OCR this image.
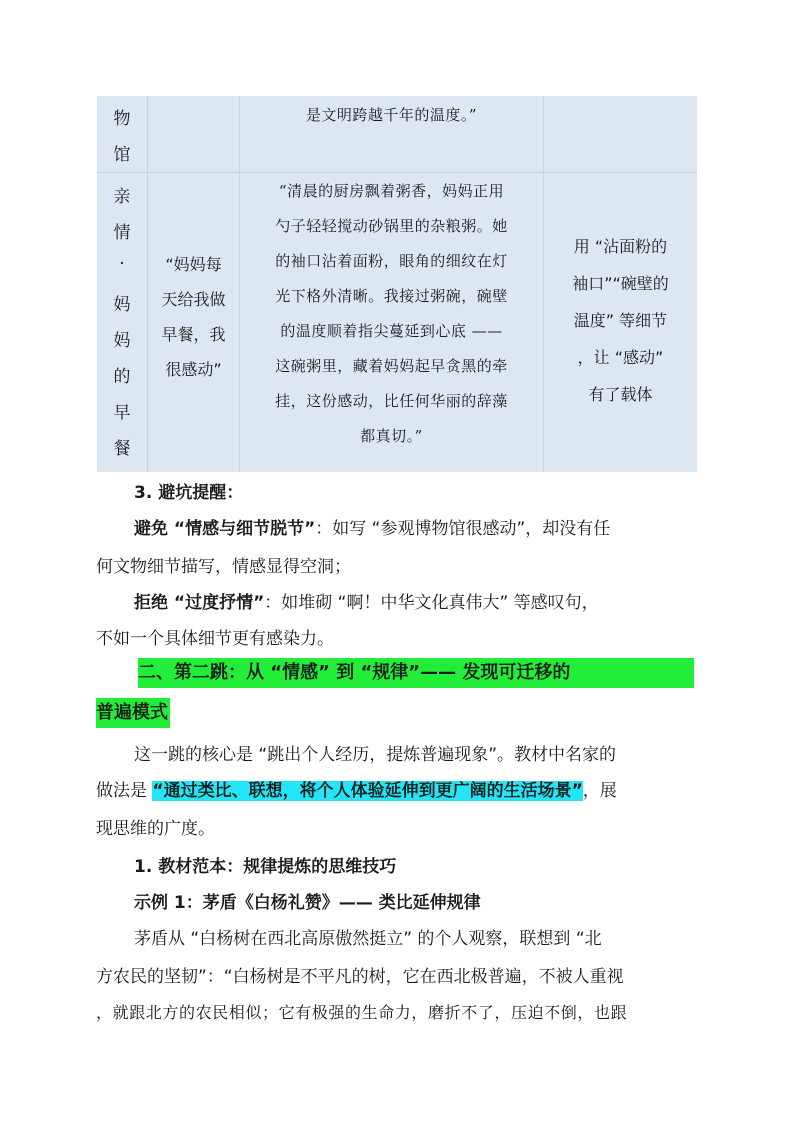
物
馆
是文明跨越千年的温度。”
亲
情
·
妈
妈
的
早
餐
“妈妈每
天给我做
早餐，我
很感动”
“清晨的厨房飘着粥香，妈妈正用
勺子轻轻搅动砂锅里的杂粮粥。她
的袖口沾着面粉，眼角的细纹在灯
光下格外清晰。我接过粥碗，碗壁
的温度顺着指尖蔓延到心底 ——
这碗粥里，藏着妈妈起早贪黑的牵
挂，这份感动，比任何华丽的辞藻
都真切。”
用 “沾面粉的
袖口”“碗壁的
温度” 等细节
，让 “感动”
有了载体
3. 避坑提醒：
避免 “情感与细节脱节”：如写 “参观博物馆很感动”，却没有任
何文物细节描写，情感显得空洞；
拒绝 “过度抒情”：如堆砌 “啊！中华文化真伟大” 等感叹句，
不如一个具体细节更有感染力。
二、第二跳：从 “情感” 到 “规律”—— 发现可迁移的
普遍模式
这一跳的核心是 “跳出个人经历，提炼普遍现象”。教材中名家的
做法是 “通过类比、联想，将个人体验延伸到更广阔的生活场景”，展
现思维的广度。
1. 教材范本：规律提炼的思维技巧
示例 1：茅盾《白杨礼赞》—— 类比延伸规律
茅盾从 “白杨树在西北高原傲然挺立” 的个人观察，联想到 “北
方农民的坚韧”：“白杨树是不平凡的树，它在西北极普遍，不被人重视
，就跟北方的农民相似；它有极强的生命力，磨折不了，压迫不倒，也跟
